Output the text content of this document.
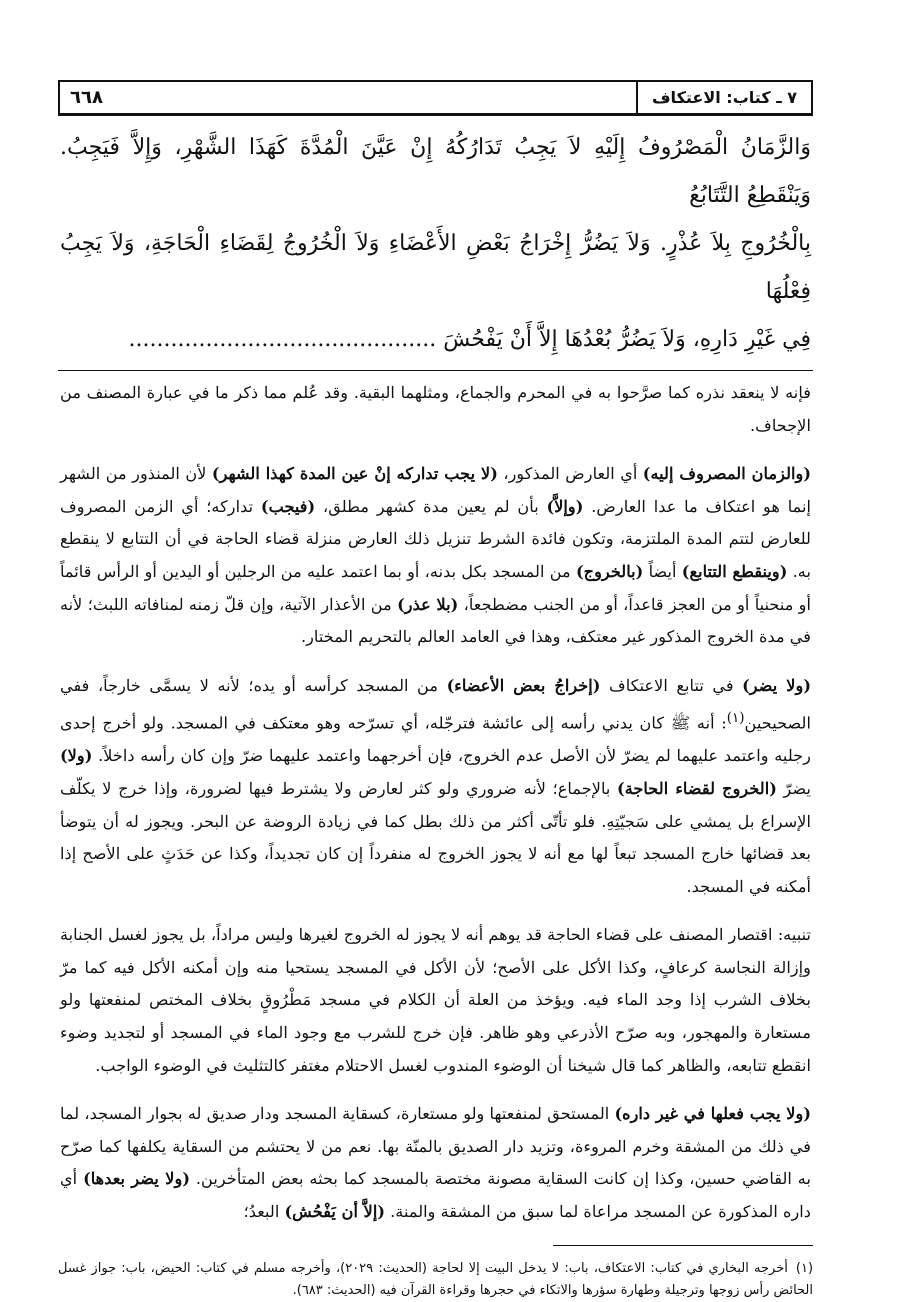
٧ ـ كتاب: الاعتكاف
٦٦٨
وَالزَّمَانُ الْمَصْرُوفُ إِلَيْهِ لاَ يَجِبُ تَدَارُكُهُ إِنْ عَيَّنَ الْمُدَّةَ كَهَذَا الشَّهْرِ، وَإِلاَّ فَيَجِبُ. وَيَنْقَطِعُ التَّتَابُعُ
بِالْخُرُوجِ بِلاَ عُذْرٍ. وَلاَ يَضُرُّ إِخْرَاجُ بَعْضِ الأَعْضَاءِ وَلاَ الْخُرُوجُ لِقَضَاءِ الْحَاجَةِ، وَلاَ يَجِبُ فِعْلُهَا
فِي غَيْرِ دَارِهِ، وَلاَ يَضُرُّ بُعْدُهَا إِلاَّ أَنْ يَفْحُشَ ............................................

فإنه لا ينعقد نذره كما صرَّحوا به في المحرم والجماع، ومثلهما البقية. وقد عُلم مما ذكر ما في عبارة المصنف من الإجحاف.

(والزمان المصروف إليه) أي العارض المذكور، (لا يجب تداركه إنْ عين المدة كهذا الشهر) لأن المنذور من الشهر إنما هو اعتكاف ما عدا العارض. (وإلاَّ) بأن لم يعين مدة كشهر مطلق، (فيجب) تداركه؛ أي الزمن المصروف للعارض لتتم المدة الملتزمة، وتكون فائدة الشرط تنزيل ذلك العارض منزلة قضاء الحاجة في أن التتابع لا ينقطع به. (وينقطع التتابع) أيضاً (بالخروج) من المسجد بكل بدنه، أو بما اعتمد عليه من الرجلين أو اليدين أو الرأس قائماً أو منحنياً أو من العجز قاعداً، أو من الجنب مضطجعاً، (بلا عذر) من الأعذار الآتية، وإن قلّ زمنه لمنافاته اللبث؛ لأنه في مدة الخروج المذكور غير معتكف، وهذا في العامد العالم بالتحريم المختار.

(ولا يضر) في تتابع الاعتكاف (إخراجُ بعض الأعضاء) من المسجد كرأسه أو يده؛ لأنه لا يسمَّى خارجاً، ففي الصحيحين$^{(١)}$: أنه ﷺ كان يدني رأسه إلى عائشة فترجّله، أي تسرّحه وهو معتكف في المسجد. ولو أخرج إحدى رجليه واعتمد عليهما لم يضرّ لأن الأصل عدم الخروج، فإن أخرجهما واعتمد عليهما ضرّ وإن كان رأسه داخلاً. (ولا) يضرّ (الخروج لقضاء الحاجة) بالإجماع؛ لأنه ضروري ولو كثر لعارض ولا يشترط فيها لضرورة، وإذا خرج لا يكلّف الإسراع بل يمشي على سَجيّتِهِ. فلو تأتّى أكثر من ذلك بطل كما في زيادة الروضة عن البحر. ويجوز له أن يتوضأ بعد قضائها خارج المسجد تبعاً لها مع أنه لا يجوز الخروج له منفرداً إن كان تجديداً، وكذا عن حَدَثٍ على الأصح إذا أمكنه في المسجد.

تنبيه: اقتصار المصنف على قضاء الحاجة قد يوهم أنه لا يجوز له الخروج لغيرها وليس مراداً، بل يجوز لغسل الجنابة وإزالة النجاسة كرعافٍ، وكذا الأكل على الأصح؛ لأن الأكل في المسجد يستحيا منه وإن أمكنه الأكل فيه كما مرّ بخلاف الشرب إذا وجد الماء فيه. ويؤخذ من العلة أن الكلام في مسجد مَطْرُوقٍ بخلاف المختص لمنفعتها ولو مستعارة والمهجور، وبه صرّح الأذرعي وهو ظاهر. فإن خرج للشرب مع وجود الماء في المسجد أو لتجديد وضوء انقطع تتابعه، والظاهر كما قال شيخنا أن الوضوء المندوب لغسل الاحتلام مغتفر كالتثليث في الوضوء الواجب.

(ولا يجب فعلها في غير داره) المستحق لمنفعتها ولو مستعارة، كسقاية المسجد ودار صديق له بجوار المسجد، لما في ذلك من المشقة وخرم المروءة، وتزيد دار الصديق بالمنّة بها. نعم من لا يحتشم من السقاية يكلفها كما صرّح به القاضي حسين، وكذا إن كانت السقاية مصونة مختصة بالمسجد كما بحثه بعض المتأخرين. (ولا يضر بعدها) أي داره المذكورة عن المسجد مراعاة لما سبق من المشقة والمنة. (إلاَّ أن يَفْحُش) البعدُ؛

(١)أخرجه البخاري في كتاب: الاعتكاف، باب: لا يدخل البيت إلا لحاجة (الحديث: ٢٠٢٩)، وأخرجه مسلم في كتاب: الحيض، باب: جواز غسل الحائض رأس زوجها وترجيلة وطهارة سؤرها والاتكاء في حجرها وقراءة القرآن فيه (الحديث: ٦٨٣).
